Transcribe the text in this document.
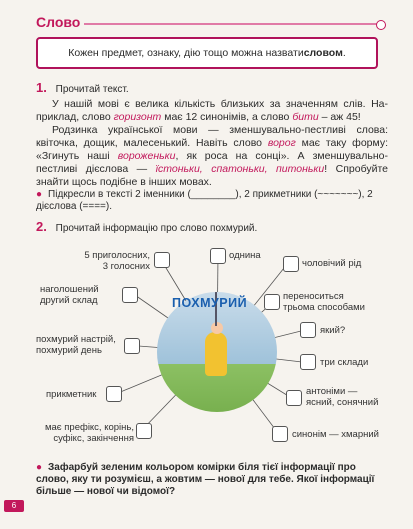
Слово
Кожен предмет, ознаку, дію тощо можна назвати словом .
1. Прочитай текст.
У нашій мові є велика кількість близьких за значенням слів. На- приклад, слово горизонт має 12 синонімів, а слово бити – аж 45!
Родзинка української мови — зменшувально-пестливі слова: квіточка, дощик, малесенький. Навіть слово ворог має таку форму: «Згинуть наші вороженьки, як роса на сонці». А зменшувально- пестливі дієслова — їстоньки, спатоньки, питоньки! Спробуйте знайти щось подібне в інших мовах.
● Підкресли в тексті 2 іменники (________), 2 прикметники (~~~~~~~), 2 дієслова (====).
2. Прочитай інформацію про слово похмурий.
ПОХМУРИЙ
5 приголосних,
3 голосних
наголошений
другий склад
похмурий настрій,
похмурий день
прикметник
має префікс, корінь,
суфікс, закінчення
однина
чоловічий рід
переноситься
трьома способами
який?
три склади
антоніми —
ясний, сонячний
синонім — хмарний
● Зафарбуй зеленим кольором комірки біля тієї інформації про слово, яку ти розумієш, а жовтим — нової для тебе. Якої інформації більше — нової чи відомої?
6
